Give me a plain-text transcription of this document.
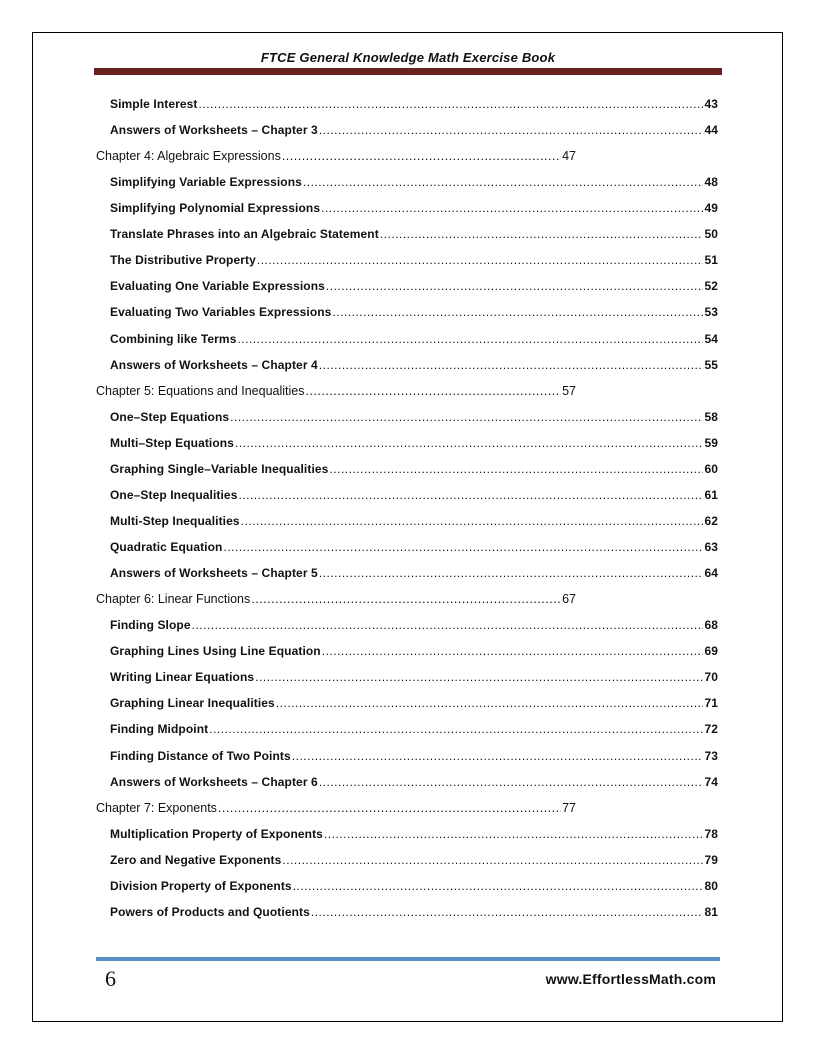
FTCE General Knowledge Math Exercise Book
Simple Interest .....	43
Answers of Worksheets – Chapter 3 .....	44
Chapter 4: Algebraic Expressions .....	47
Simplifying Variable Expressions .....	48
Simplifying Polynomial Expressions .....	49
Translate Phrases into an Algebraic Statement .....	50
The Distributive Property .....	51
Evaluating One Variable Expressions .....	52
Evaluating Two Variables Expressions .....	53
Combining like Terms .....	54
Answers of Worksheets – Chapter 4 .....	55
Chapter 5: Equations and Inequalities .....	57
One–Step Equations .....	58
Multi–Step Equations .....	59
Graphing Single–Variable Inequalities .....	60
One–Step Inequalities .....	61
Multi-Step Inequalities .....	62
Quadratic Equation .....	63
Answers of Worksheets – Chapter 5 .....	64
Chapter 6: Linear Functions .....	67
Finding Slope .....	68
Graphing Lines Using Line Equation .....	69
Writing Linear Equations .....	70
Graphing Linear Inequalities .....	71
Finding Midpoint .....	72
Finding Distance of Two Points .....	73
Answers of Worksheets – Chapter 6 .....	74
Chapter 7: Exponents .....	77
Multiplication Property of Exponents .....	78
Zero and Negative Exponents .....	79
Division Property of Exponents .....	80
Powers of Products and Quotients .....	81
6	www.EffortlessMath.com
